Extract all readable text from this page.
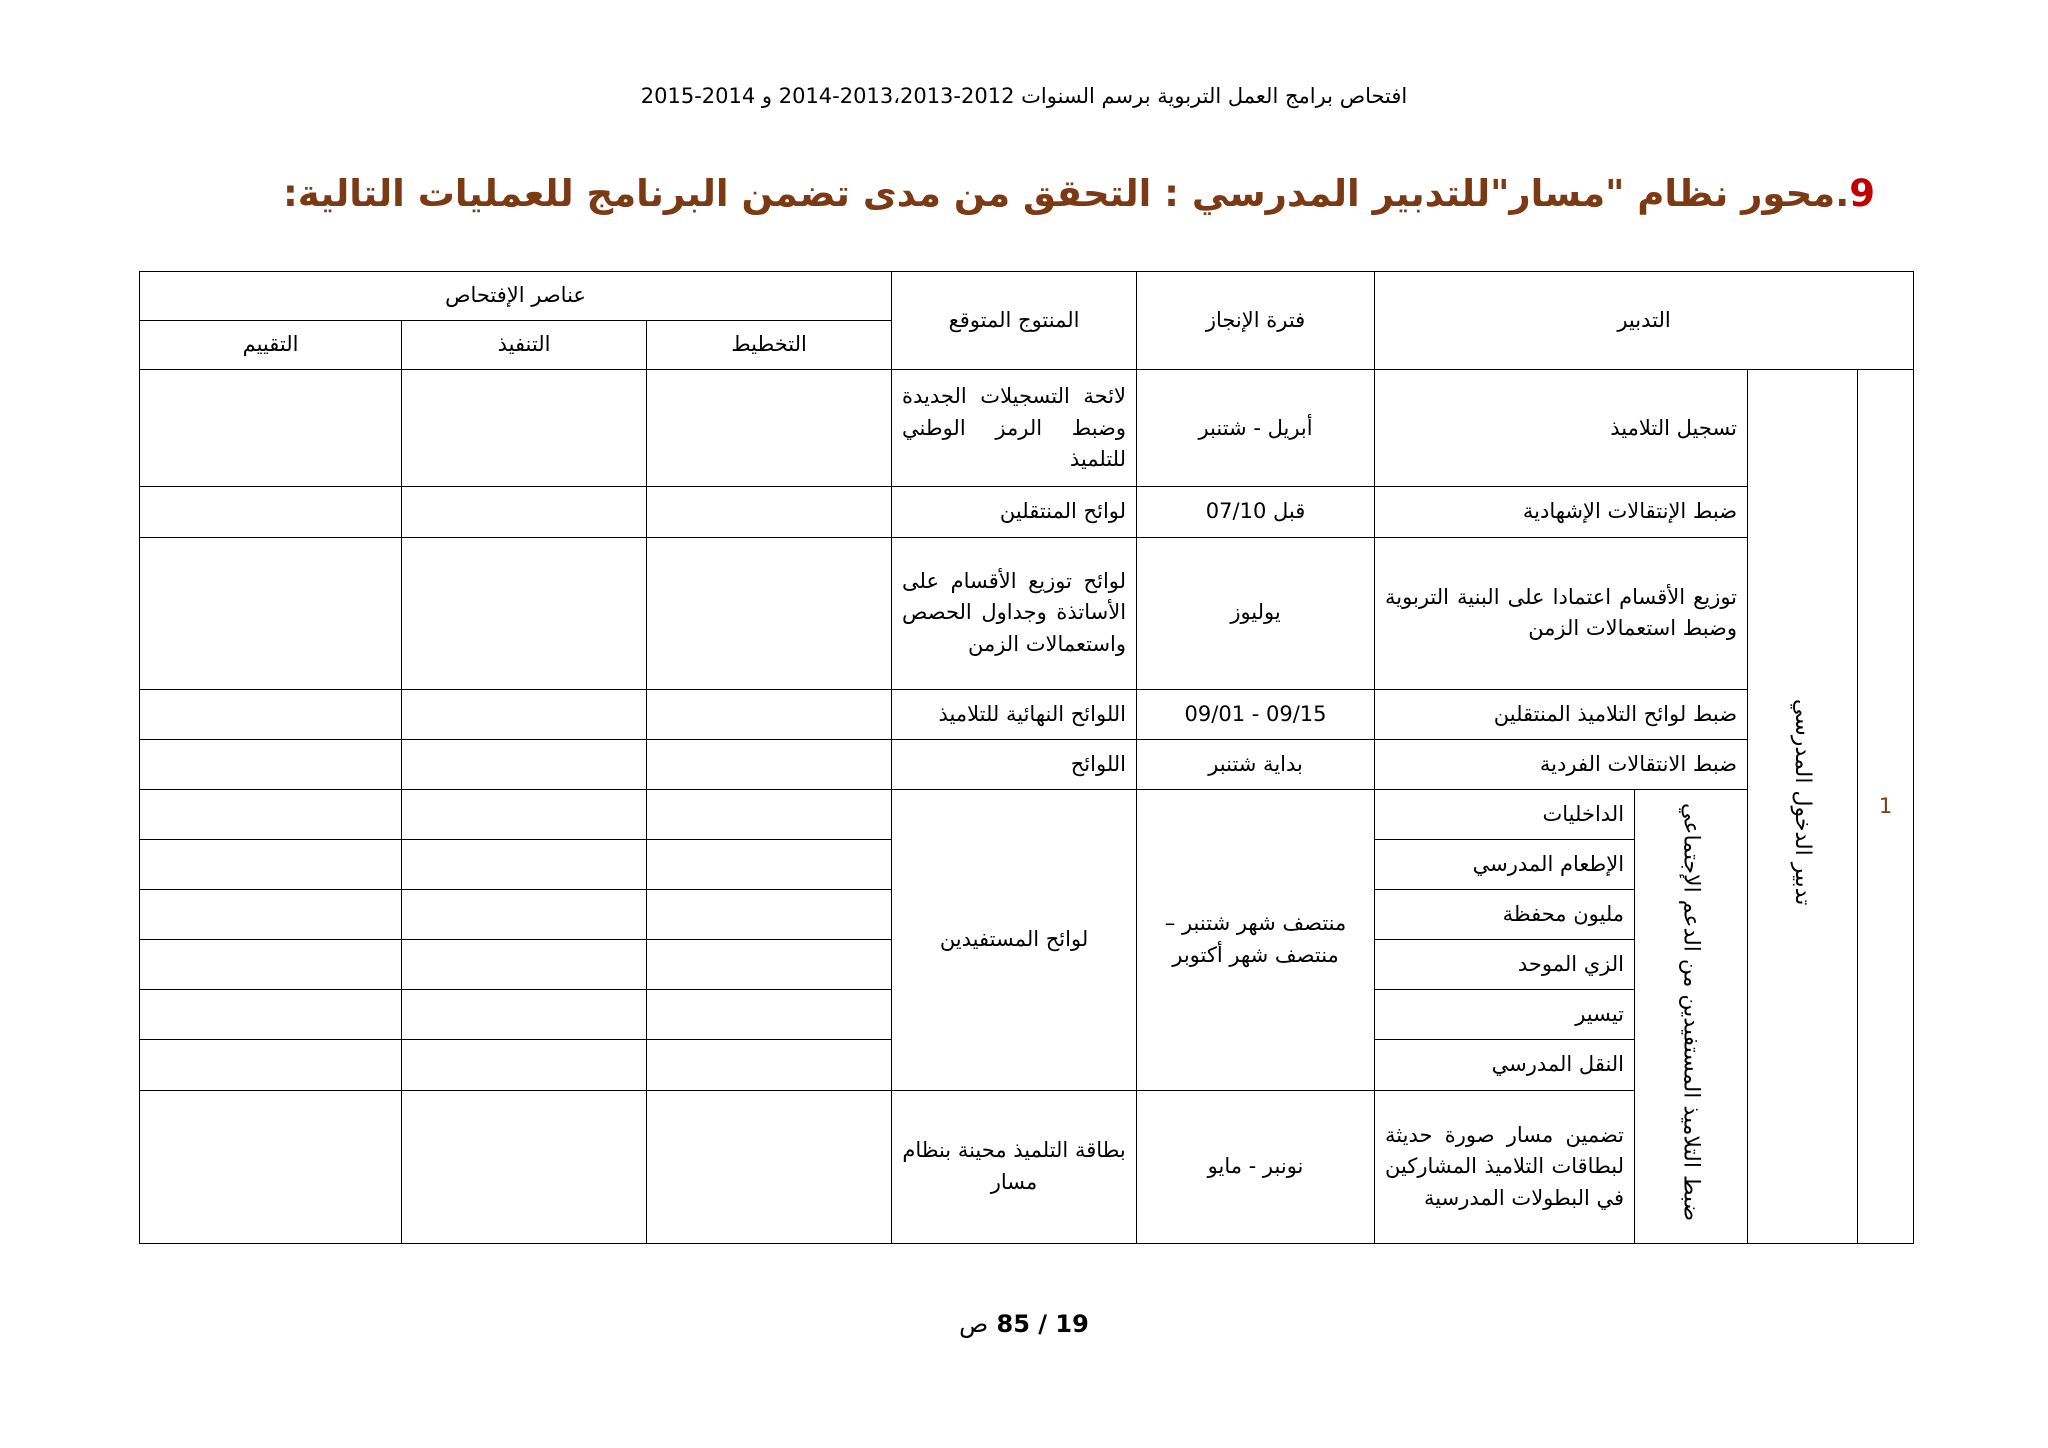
افتحاص برامج العمل التربوية برسم السنوات 2012-2013،2013-2014 و 2014-2015
9.محور نظام "مسار"للتدبير المدرسي : التحقق من مدى تضمن البرنامج للعمليات التالية:
التدبير				فترة الإنجاز	المنتوج المتوقع	عناصر الإفتحاص		
						التخطيط	التنفيذ	التقييم
1	تدبير الدخول المدرسي	تسجيل التلاميذ		أبريل - شتنبر	لائحة التسجيلات الجديدة وضبط الرمز الوطني للتلميذ			
		ضبط الإنتقالات الإشهادية		قبل 07/10	لوائح المنتقلين			
		توزيع الأقسام اعتمادا على البنية التربوية وضبط استعمالات الزمن		يوليوز	لوائح توزيع الأقسام على الأساتذة وجداول الحصص واستعمالات الزمن			
		ضبط لوائح التلاميذ المنتقلين		09/01 - 09/15	اللوائح النهائية للتلاميذ			
		ضبط الانتقالات الفردية		بداية شتنبر	اللوائح			
		ضبط التلاميذ المستفيدين من الدعم الإجتماعي	الداخليات	منتصف شهر شتنبر – منتصف شهر أكتوبر	لوائح المستفيدين			
			الإطعام المدرسي					
			مليون محفظة					
			الزي الموحد					
			تيسير					
			النقل المدرسي					
			تضمين مسار صورة حديثة لبطاقات التلاميذ المشاركين في البطولات المدرسية	نونبر - مايو	بطاقة التلميذ محينة بنظام مسار			
85 / 19 ص
